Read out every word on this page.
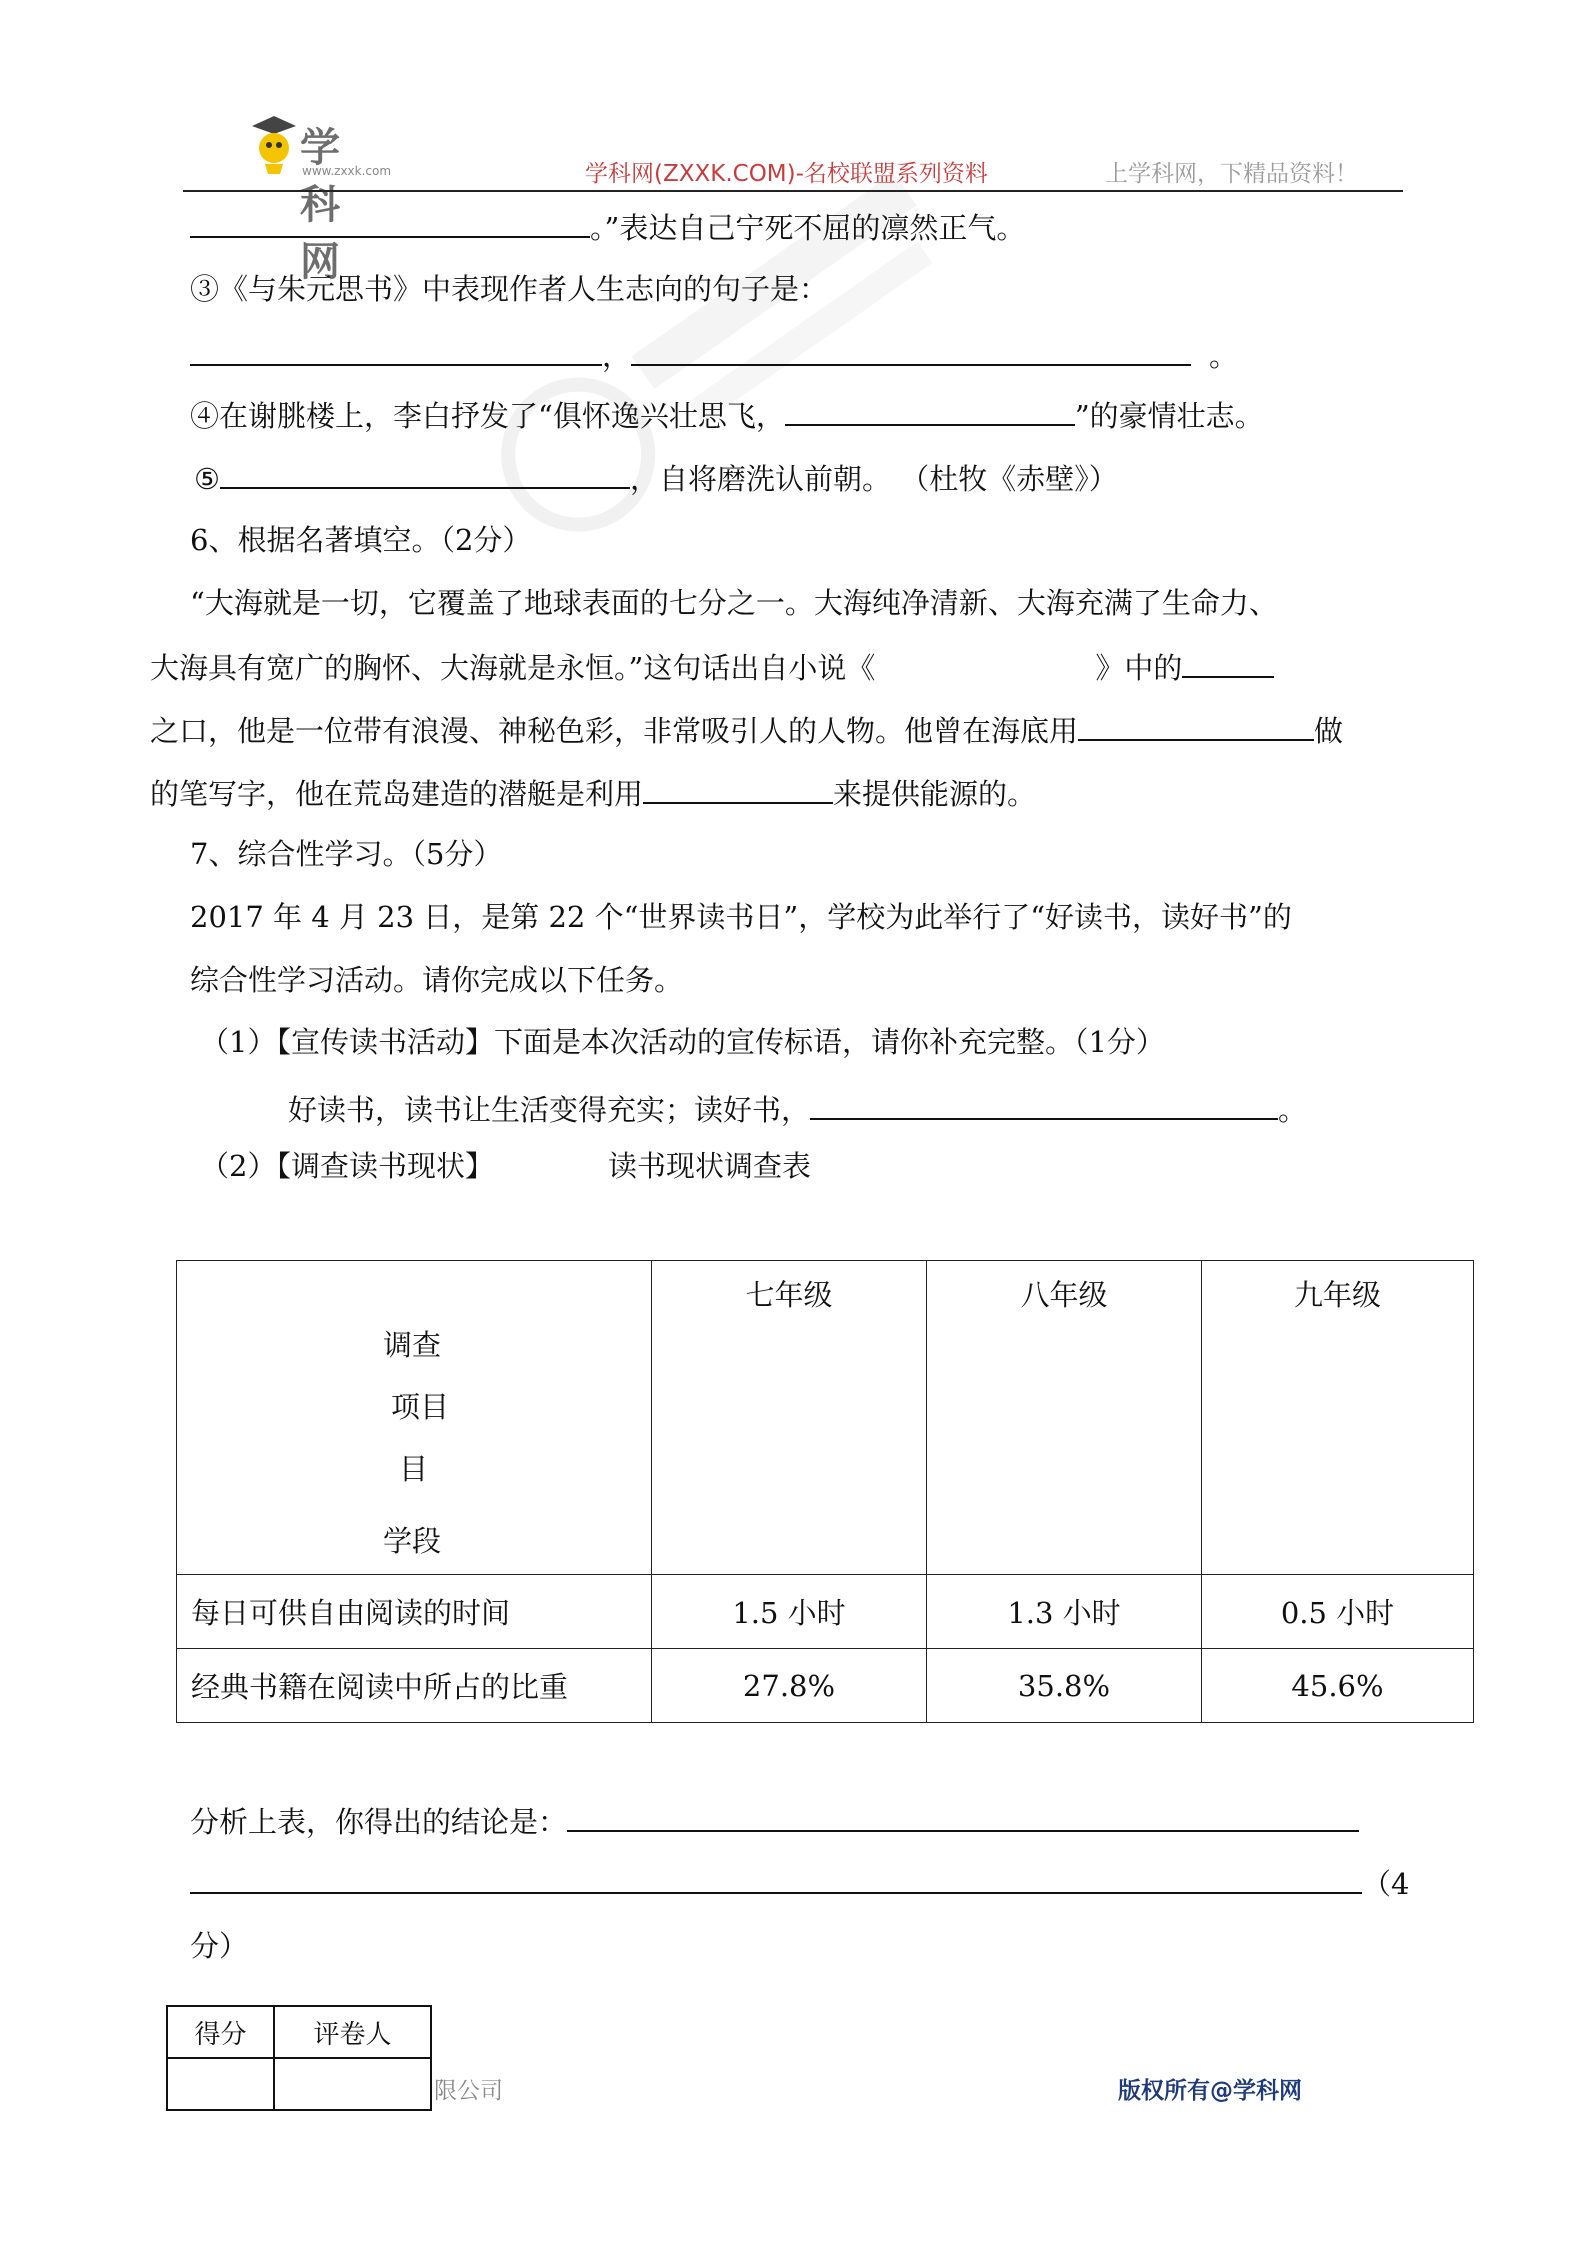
学科网
www.zxxk.com	学科网(ZXXK.COM)-名校联盟系列资料	上学科网，下精品资料！
。”表达自己宁死不屈的凛然正气。
③《与朱元思书》中表现作者人生志向的句子是：
，	。
④在谢朓楼上，李白抒发了“俱怀逸兴壮思飞，	”的豪情壮志。
⑤	，自将磨洗认前朝。 （杜牧《赤壁》）
6、根据名著填空。（2分）
“大海就是一切，它覆盖了地球表面的七分之一。大海纯净清新、大海充满了生命力、
大海具有宽广的胸怀、大海就是永恒。”这句话出自小说《	》中的
之口，他是一位带有浪漫、神秘色彩，非常吸引人的人物。他曾在海底用	做
的笔写字，他在荒岛建造的潜艇是利用	来提供能源的。
7、综合性学习。（5分）
2017 年 4 月 23 日，是第 22 个“世界读书日”，学校为此举行了“好读书，读好书”的
综合性学习活动。请你完成以下任务。
（1）【宣传读书活动】下面是本次活动的宣传标语，请你补充完整。（1分）
好读书，读书让生活变得充实；读好书，	。
（2）【调查读书现状】	读书现状调查表
调查
项目
目
学段	七年级	八年级	九年级
每日可供自由阅读的时间	1.5 小时	1.3 小时	0.5 小时
经典书籍在阅读中所占的比重	27.8%	35.8%	45.6%
分析上表，你得出的结论是：
（4
分）
得分	评卷人

限公司	版权所有@学科网
